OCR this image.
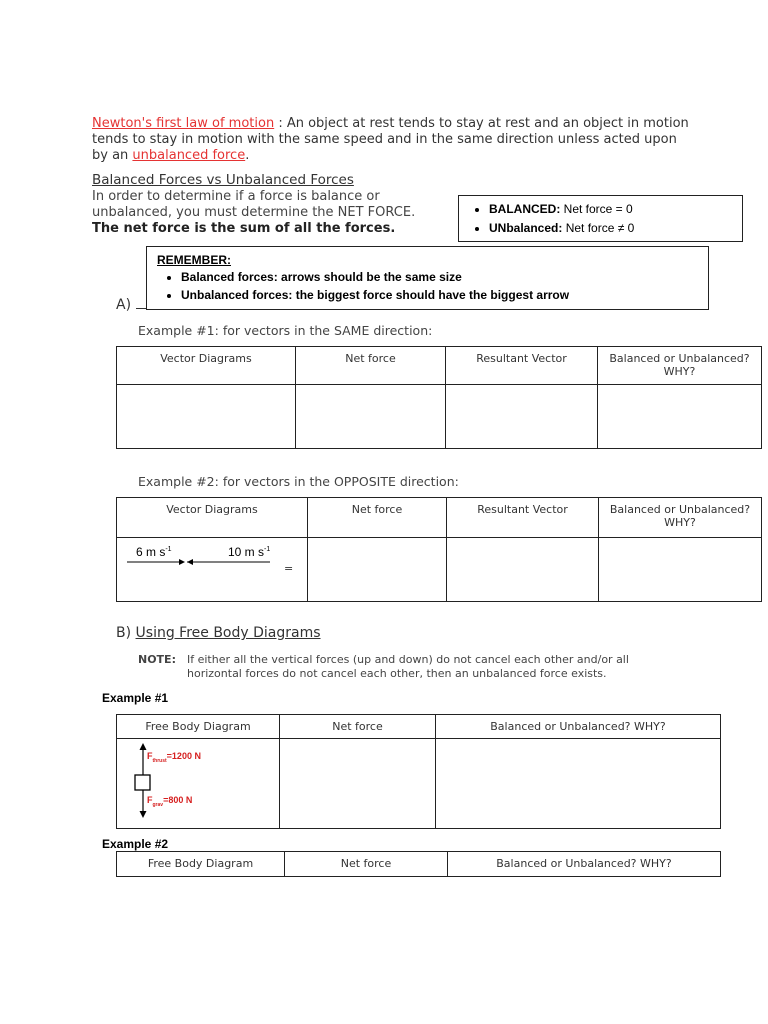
Newton's first law of motion : An object at rest tends to stay at rest and an object in motion tends to stay in motion with the same speed and in the same direction unless acted upon by an unbalanced force.
Balanced Forces vs Unbalanced Forces
In order to determine if a force is balance or unbalanced, you must determine the NET FORCE. The net force is the sum of all the forces.
• BALANCED: Net force = 0
• UNbalanced: Net force ≠ 0
A)
REMEMBER:
• Balanced forces: arrows should be the same size
• Unbalanced forces: the biggest force should have the biggest arrow
Example #1: for vectors in the SAME direction:
Vector Diagrams	Net force	Resultant Vector	Balanced or Unbalanced? WHY?

Example #2: for vectors in the OPPOSITE direction:
Vector Diagrams	Net force	Resultant Vector	Balanced or Unbalanced? WHY?

6 m $s^{-1}$ 10 m $s^{-1}$
=			

B) Using Free Body Diagrams
NOTE: If either all the vertical forces (up and down) do not cancel each other and/or all horizontal forces do not cancel each other, then an unbalanced force exists.
Example #1
Free Body Diagram	Net force	Balanced or Unbalanced? WHY?

$F_{thrust}=1200$ N
$F_{grav}=800$ N		

Example #2
Free Body Diagram	Net force	Balanced or Unbalanced? WHY?
